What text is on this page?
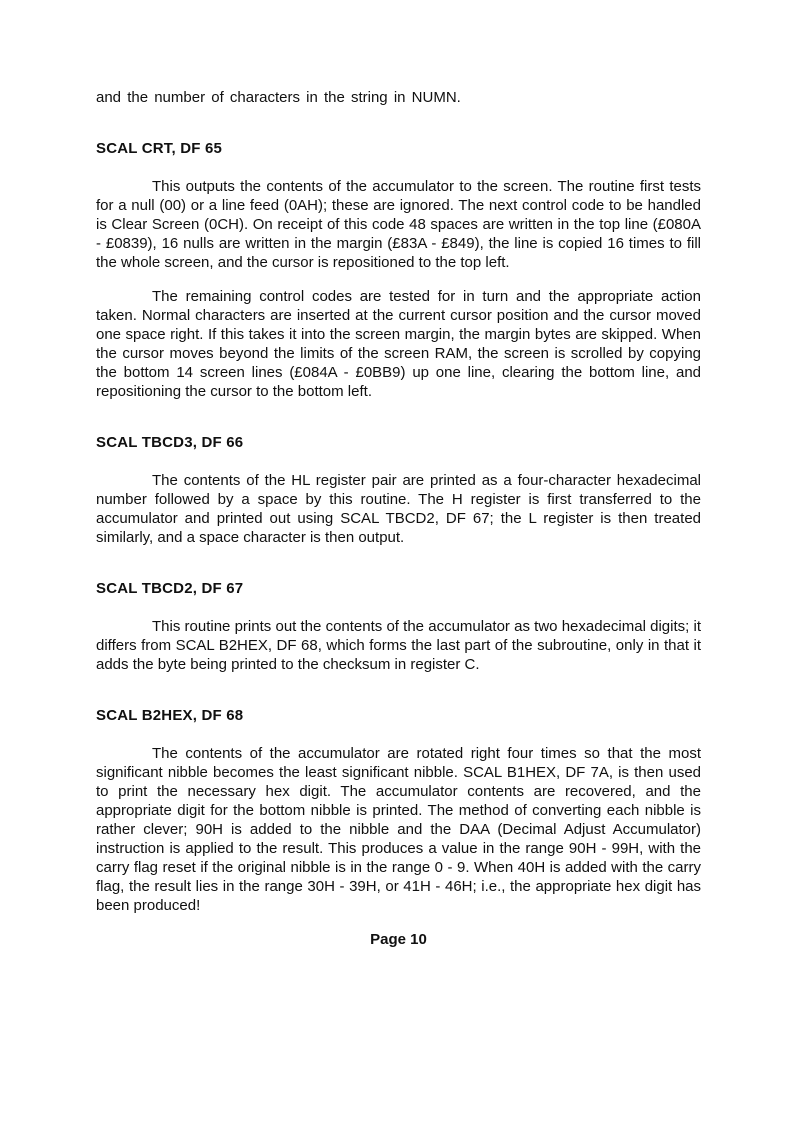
and the number of characters in the string in NUMN.

SCAL CRT, DF 65

This outputs the contents of the accumulator to the screen. The routine first tests for a null (00) or a line feed (0AH); these are ignored. The next control code to be handled is Clear Screen (0CH). On receipt of this code 48 spaces are written in the top line (£080A - £0839), 16 nulls are written in the margin (£83A - £849), the line is copied 16 times to fill the whole screen, and the cursor is repositioned to the top left.

The remaining control codes are tested for in turn and the appropriate action taken. Normal characters are inserted at the current cursor position and the cursor moved one space right. If this takes it into the screen margin, the margin bytes are skipped. When the cursor moves beyond the limits of the screen RAM, the screen is scrolled by copying the bottom 14 screen lines (£084A - £0BB9) up one line, clearing the bottom line, and repositioning the cursor to the bottom left.

SCAL TBCD3, DF 66

The contents of the HL register pair are printed as a four-character hexadecimal number followed by a space by this routine. The H register is first transferred to the accumulator and printed out using SCAL TBCD2, DF 67; the L register is then treated similarly, and a space character is then output.

SCAL TBCD2, DF 67

This routine prints out the contents of the accumulator as two hexadecimal digits; it differs from SCAL B2HEX, DF 68, which forms the last part of the subroutine, only in that it adds the byte being printed to the checksum in register C.

SCAL B2HEX, DF 68

The contents of the accumulator are rotated right four times so that the most significant nibble becomes the least significant nibble. SCAL B1HEX, DF 7A, is then used to print the necessary hex digit. The accumulator contents are recovered, and the appropriate digit for the bottom nibble is printed. The method of converting each nibble is rather clever; 90H is added to the nibble and the DAA (Decimal Adjust Accumulator) instruction is applied to the result. This produces a value in the range 90H - 99H, with the carry flag reset if the original nibble is in the range 0 - 9. When 40H is added with the carry flag, the result lies in the range 30H - 39H, or 41H - 46H; i.e., the appropriate hex digit has been produced!

Page 10
